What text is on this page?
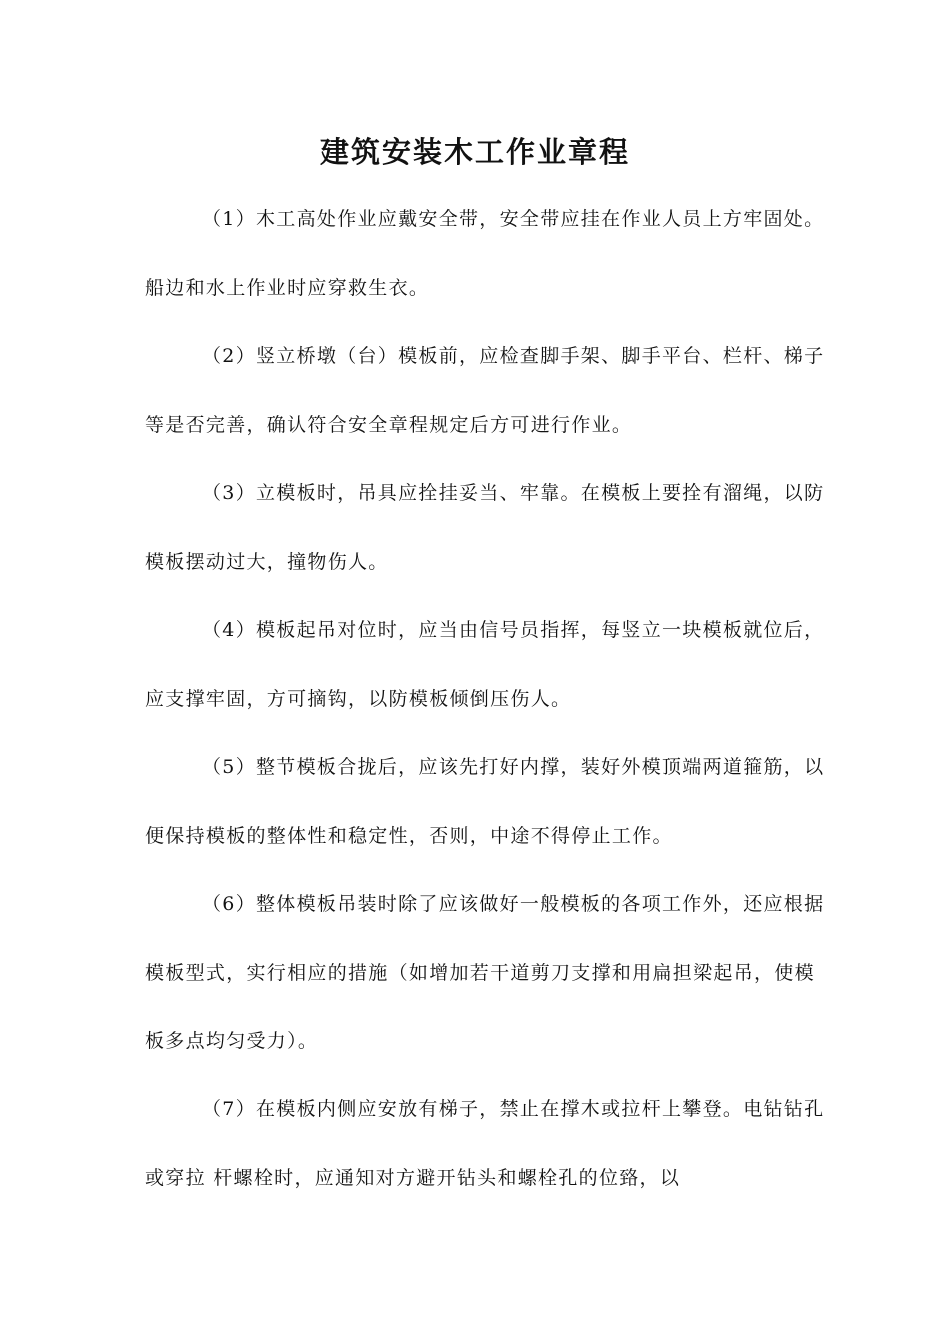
建筑安装木工作业章程

（1）木工高处作业应戴安全带，安全带应挂在作业人员上方牢固处。船边和水上作业时应穿救生衣。

（2）竖立桥墩（台）模板前，应检查脚手架、脚手平台、栏杆、梯子等是否完善，确认符合安全章程规定后方可进行作业。

（3）立模板时，吊具应拴挂妥当、牢靠。在模板上要拴有溜绳，以防模板摆动过大，撞物伤人。

（4）模板起吊对位时，应当由信号员指挥，每竖立一块模板就位后，应支撑牢固，方可摘钩，以防模板倾倒压伤人。

（5）整节模板合拢后，应该先打好内撑，装好外模顶端两道箍筋，以便保持模板的整体性和稳定性，否则，中途不得停止工作。

（6）整体模板吊装时除了应该做好一般模板的各项工作外，还应根据模板型式，实行相应的措施（如增加若干道剪刀支撑和用扁担梁起吊，使模板多点均匀受力）。

（7）在模板内侧应安放有梯子，禁止在撑木或拉杆上攀登。电钻钻孔或穿拉 杆螺栓时，应通知对方避开钻头和螺栓孔的位臵，以
